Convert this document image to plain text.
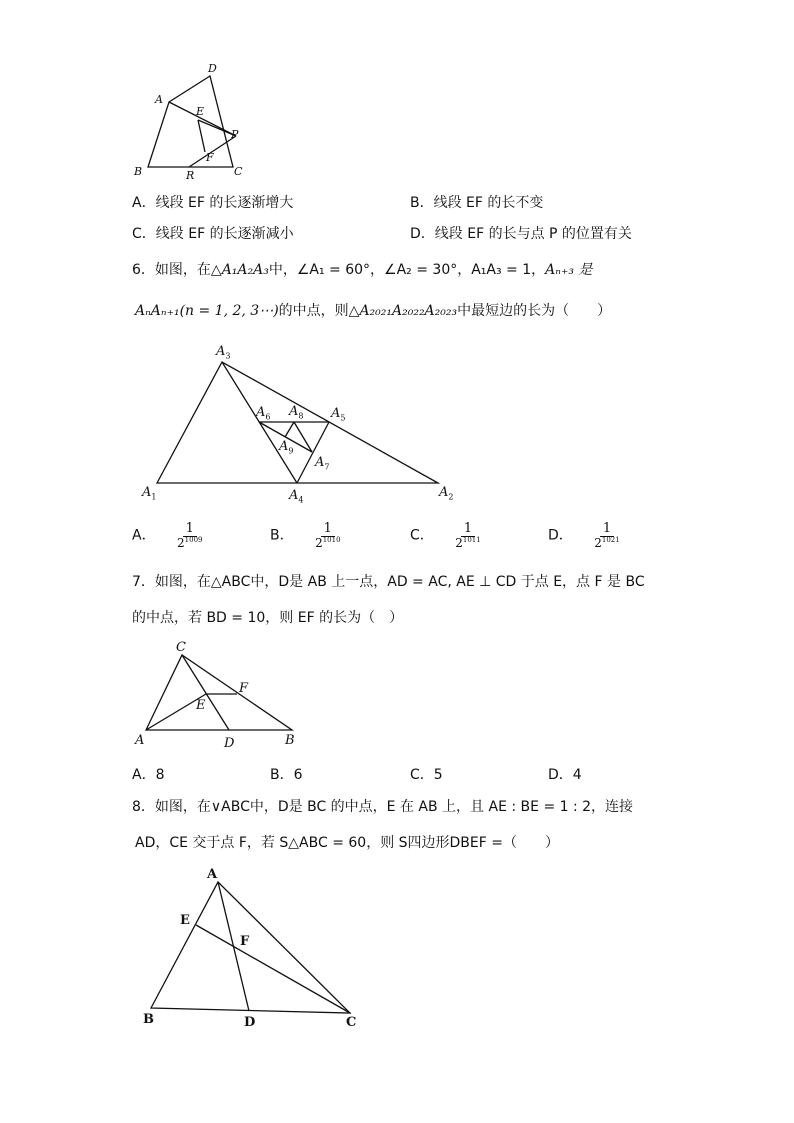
D
A
E
P
F
B	R	C
A．线段 EF 的长逐渐增大	B．线段 EF 的长不变
C．线段 EF 的长逐渐减小	D．线段 EF 的长与点 P 的位置有关
6．如图，在△A₁A₂A₃中，∠A₁ = 60°，∠A₂ = 30°，A₁A₃ = 1，Aₙ₊₃ 是
AₙAₙ₊₁(n = 1, 2, 3⋯)的中点，则△A₂₀₂₁A₂₀₂₂A₂₀₂₃中最短边的长为（　　）
$A_3$
$A_6$ $A_8$ $A_5$
$A_9$
$A_7$
$A_1$	$A_4$
$A_2$
A． $\frac{1}{2^{1009}}$	B． $\frac{1}{2^{1010}}$	C． $\frac{1}{2^{1011}}$	D． $\frac{1}{2^{1021}}$
7．如图，在△ABC中，D是 AB 上一点，AD = AC, AE ⊥ CD 于点 E，点 F 是 BC
的中点，若 BD = 10，则 EF 的长为（　）
C
F
E
A	D	B
A．8	B．6	C．5	D．4
8．如图，在∨ABC中，D是 BC 的中点，E 在 AB 上，且 AE : BE = 1 : 2，连接
AD，CE 交于点 F，若 S△ABC = 60，则 S四边形DBEF =（　　）
A
E
F
B	D	C
